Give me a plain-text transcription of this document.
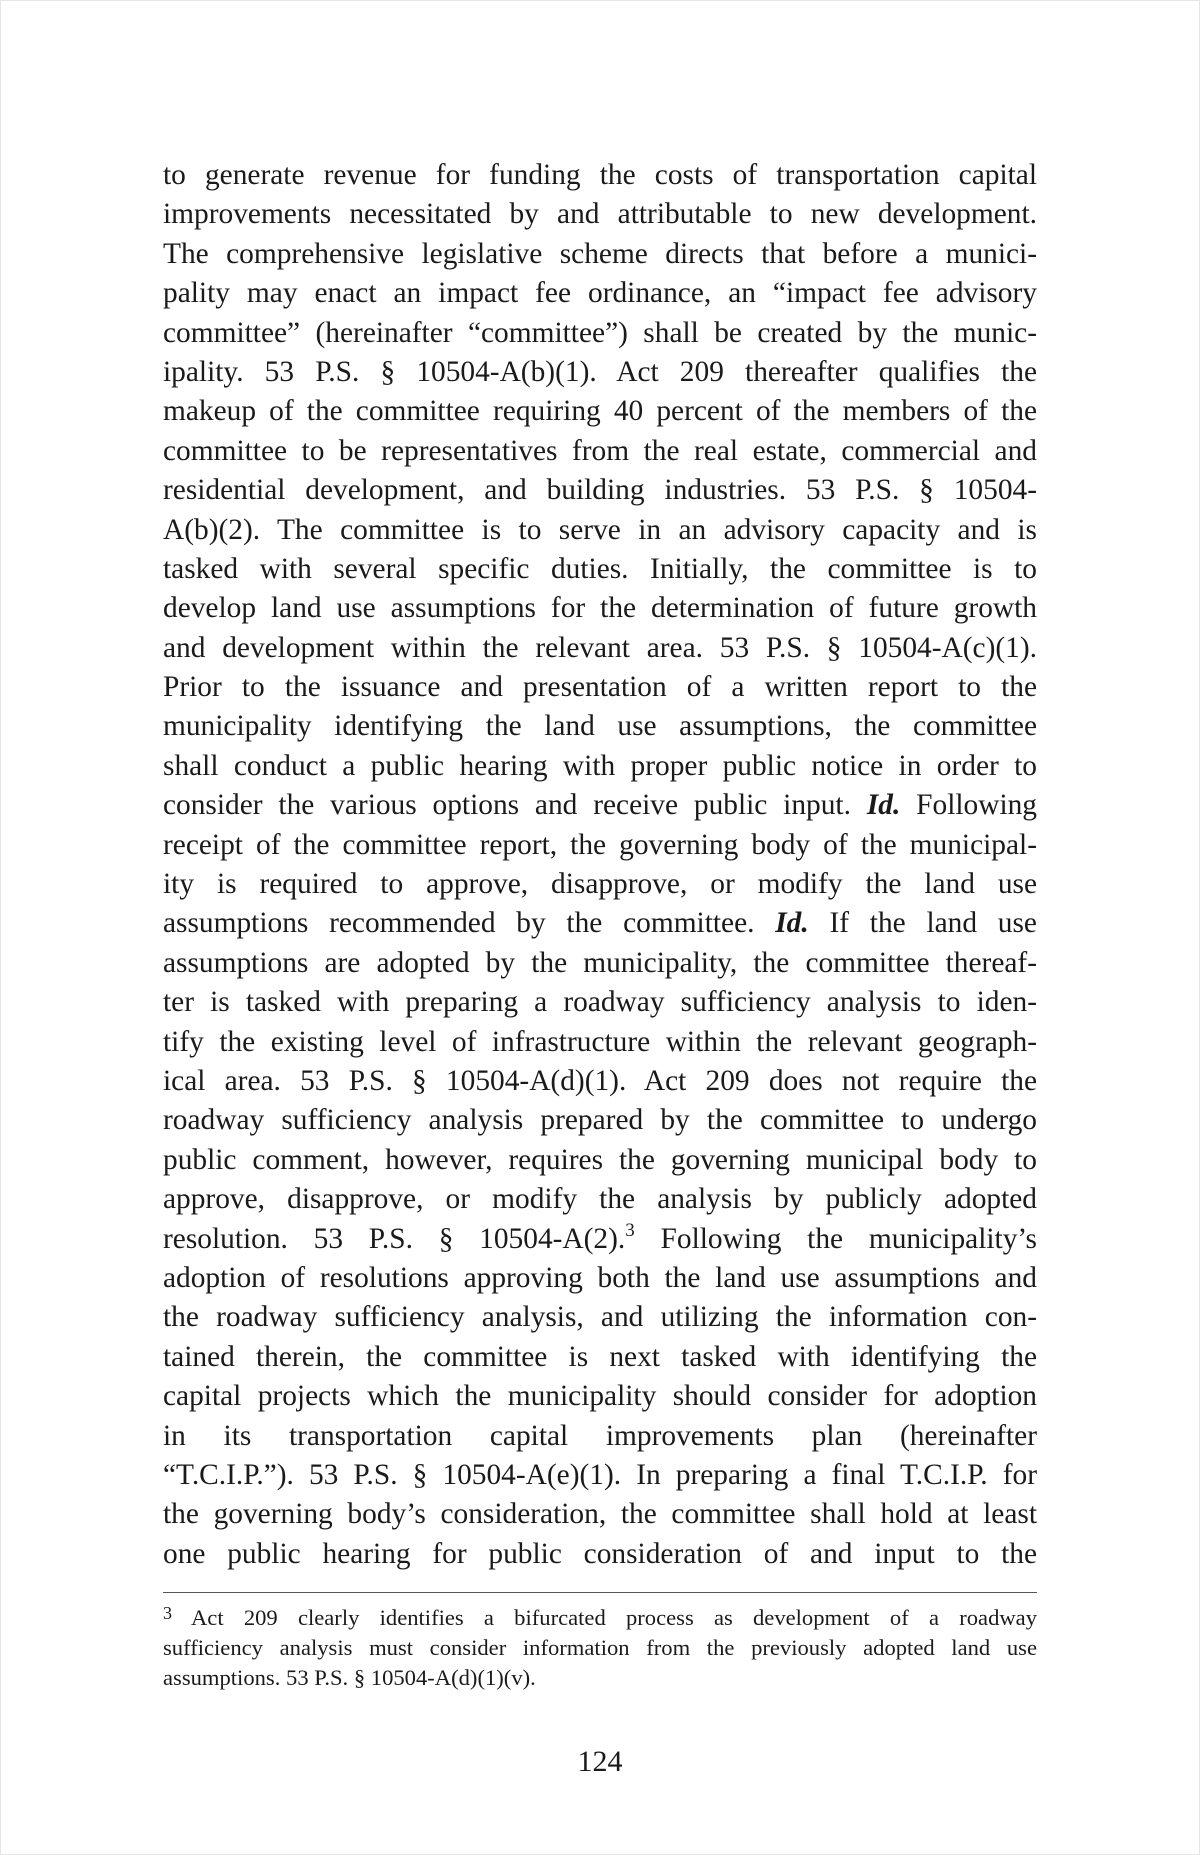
to generate revenue for funding the costs of transportation capital
improvements necessitated by and attributable to new development.
The comprehensive legislative scheme directs that before a munici-
pality may enact an impact fee ordinance, an “impact fee advisory
committee” (hereinafter “committee”) shall be created by the munic-
ipality. 53 P.S. § 10504-A(b)(1). Act 209 thereafter qualifies the
makeup of the committee requiring 40 percent of the members of the
committee to be representatives from the real estate, commercial and
residential development, and building industries. 53 P.S. § 10504-
A(b)(2). The committee is to serve in an advisory capacity and is
tasked with several specific duties. Initially, the committee is to
develop land use assumptions for the determination of future growth
and development within the relevant area. 53 P.S. § 10504-A(c)(1).
Prior to the issuance and presentation of a written report to the
municipality identifying the land use assumptions, the committee
shall conduct a public hearing with proper public notice in order to
consider the various options and receive public input. Id. Following
receipt of the committee report, the governing body of the municipal-
ity is required to approve, disapprove, or modify the land use
assumptions recommended by the committee. Id. If the land use
assumptions are adopted by the municipality, the committee thereaf-
ter is tasked with preparing a roadway sufficiency analysis to iden-
tify the existing level of infrastructure within the relevant geograph-
ical area. 53 P.S. § 10504-A(d)(1). Act 209 does not require the
roadway sufficiency analysis prepared by the committee to undergo
public comment, however, requires the governing municipal body to
approve, disapprove, or modify the analysis by publicly adopted
resolution. 53 P.S. § 10504-A(2).$^3$ Following the municipality’s
adoption of resolutions approving both the land use assumptions and
the roadway sufficiency analysis, and utilizing the information con-
tained therein, the committee is next tasked with identifying the
capital projects which the municipality should consider for adoption
in its transportation capital improvements plan (hereinafter
“T.C.I.P.”). 53 P.S. § 10504-A(e)(1). In preparing a final T.C.I.P. for
the governing body’s consideration, the committee shall hold at least
one public hearing for public consideration of and input to the
$^3$ Act 209 clearly identifies a bifurcated process as development of a roadway
sufficiency analysis must consider information from the previously adopted land use
assumptions. 53 P.S. § 10504-A(d)(1)(v).
124
